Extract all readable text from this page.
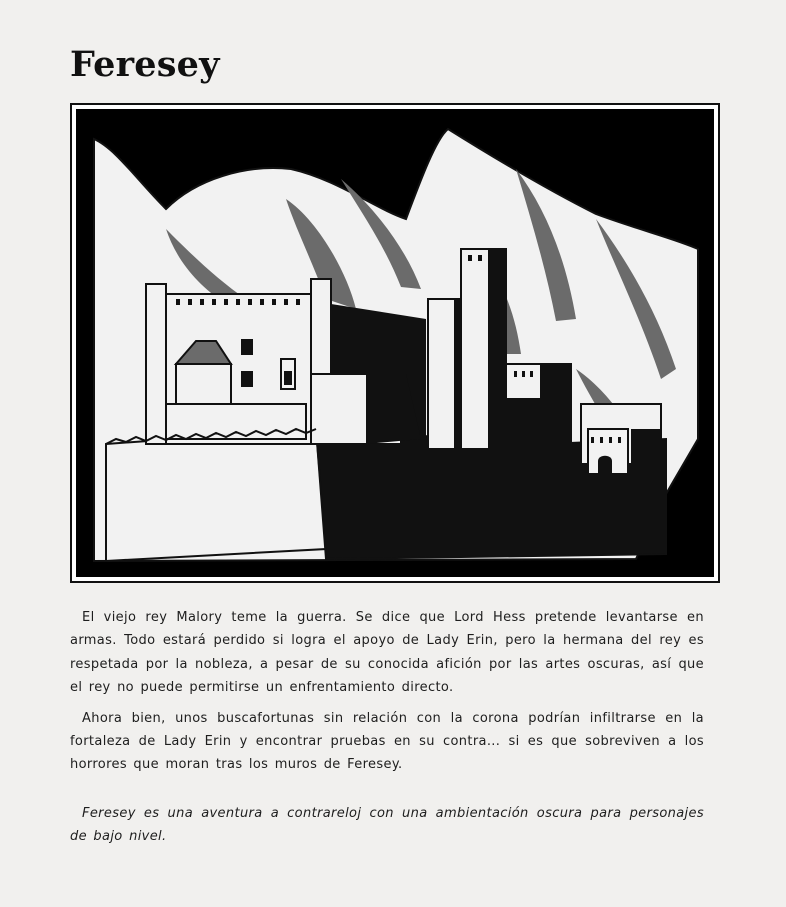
Feresey

El viejo rey Malory teme la guerra. Se dice que Lord Hess pretende levantarse en armas. Todo estará perdido si logra el apoyo de Lady Erin, pero la hermana del rey es respetada por la nobleza, a pesar de su conocida afición por las artes oscuras, así que el rey no puede permitirse un enfrentamiento directo.

Ahora bien, unos buscafortunas sin relación con la corona podrían infiltrarse en la fortaleza de Lady Erin y encontrar pruebas en su contra... si es que sobreviven a los horrores que moran tras los muros de Feresey.

Feresey es una aventura a contrareloj con una ambientación oscura para personajes de bajo nivel.
